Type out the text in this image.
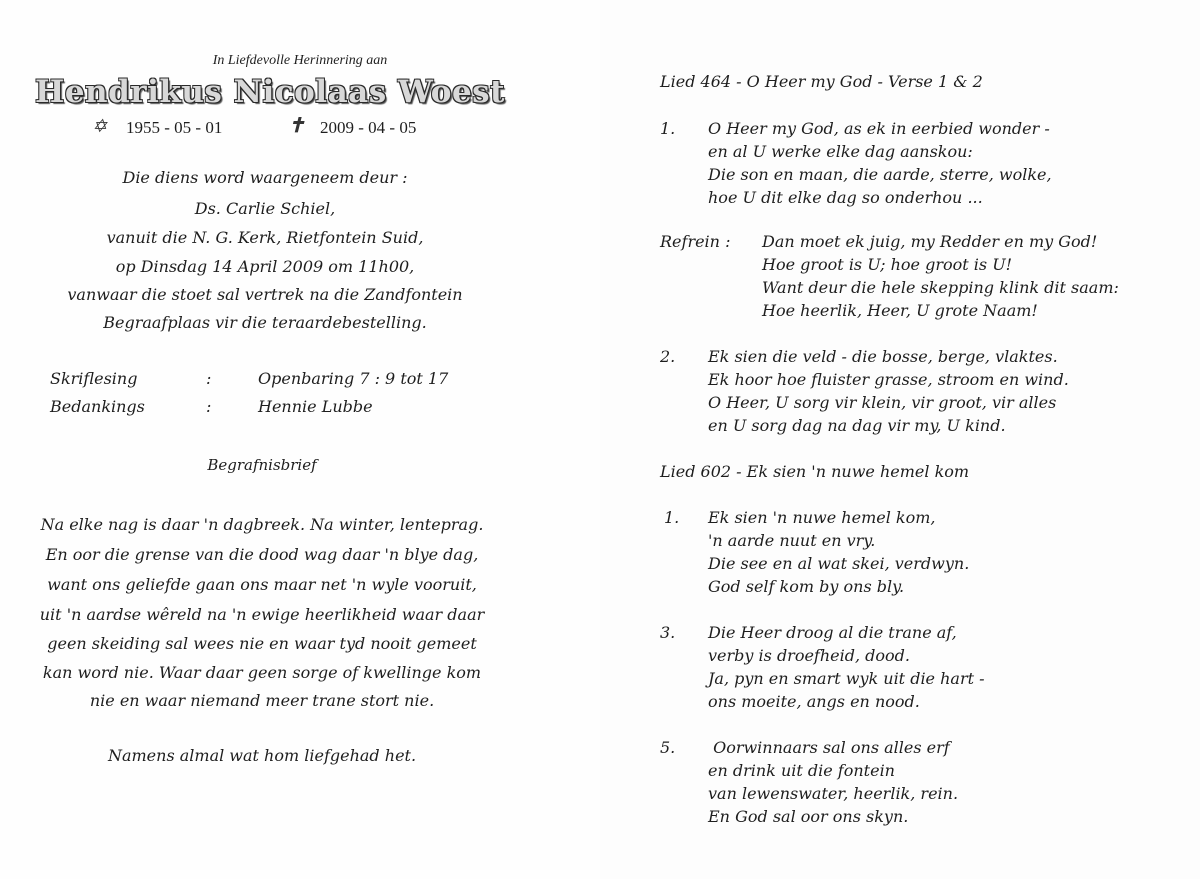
In Liefdevolle Herinnering aan
Hendrikus Nicolaas Woest
✡ 1955 - 05 - 01	✝ 2009 - 04 - 05
Die diens word waargeneem deur :
Ds. Carlie Schiel,
vanuit die N. G. Kerk, Rietfontein Suid,
op Dinsdag 14 April 2009 om 11h00,
vanwaar die stoet sal vertrek na die Zandfontein
Begraafplaas vir die teraardebestelling.
Skriflesing	:	Openbaring 7 : 9 tot 17
Bedankings	:	Hennie Lubbe
Begrafnisbrief
Na elke nag is daar 'n dagbreek. Na winter, lenteprag.
En oor die grense van die dood wag daar 'n blye dag,
want ons geliefde gaan ons maar net 'n wyle vooruit,
uit 'n aardse wêreld na 'n ewige heerlikheid waar daar
geen skeiding sal wees nie en waar tyd nooit gemeet
kan word nie. Waar daar geen sorge of kwellinge kom
nie en waar niemand meer trane stort nie.
Namens almal wat hom liefgehad het.
Lied 464 - O Heer my God - Verse 1 & 2
1. O Heer my God, as ek in eerbied wonder -
en al U werke elke dag aanskou:
Die son en maan, die aarde, sterre, wolke,
hoe U dit elke dag so onderhou ...
Refrein : Dan moet ek juig, my Redder en my God!
Hoe groot is U; hoe groot is U!
Want deur die hele skepping klink dit saam:
Hoe heerlik, Heer, U grote Naam!
2. Ek sien die veld - die bosse, berge, vlaktes.
Ek hoor hoe fluister grasse, stroom en wind.
O Heer, U sorg vir klein, vir groot, vir alles
en U sorg dag na dag vir my, U kind.
Lied 602 - Ek sien 'n nuwe hemel kom
1. Ek sien 'n nuwe hemel kom,
'n aarde nuut en vry.
Die see en al wat skei, verdwyn.
God self kom by ons bly.
3. Die Heer droog al die trane af,
verby is droefheid, dood.
Ja, pyn en smart wyk uit die hart -
ons moeite, angs en nood.
5. Oorwinnaars sal ons alles erf
en drink uit die fontein
van lewenswater, heerlik, rein.
En God sal oor ons skyn.
